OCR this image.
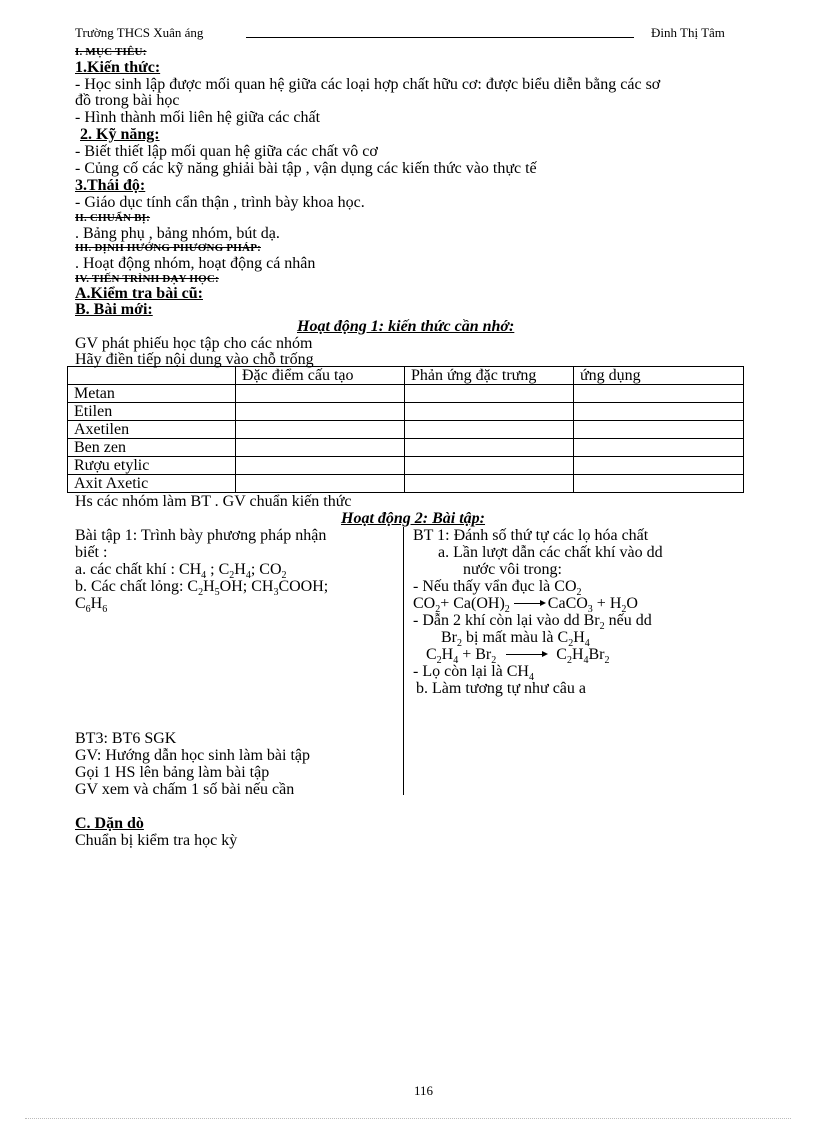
Trường THCS Xuân áng	Đinh Thị Tâm
I. MỤC TIÊU:
1.Kiến thức:
- Học sinh lập được mối quan hệ giữa các loại hợp chất hữu cơ: được biểu diễn bằng các sơ
đồ trong bài học
- Hình thành mối liên hệ giữa các chất
2. Kỹ năng:
- Biết thiết lập mối quan hệ giữa các chất vô cơ
- Củng cố các kỹ năng ghiải bài tập , vận dụng các kiến thức vào thực tế
3.Thái độ:
- Giáo dục tính cẩn thận , trình bày khoa học.
II. CHUẨN BỊ:
. Bảng phụ , bảng nhóm, bút dạ.
III. ĐỊNH HƯỚNG PHƯƠNG PHÁP:
. Hoạt động nhóm, hoạt động cá nhân
IV. TIẾN TRÌNH DẠY HỌC:
A.Kiểm tra bài cũ:
B. Bài mới:
Hoạt động 1: kiến thức cần nhớ:
GV phát phiếu học tập cho các nhóm
Hãy điền tiếp nội dung vào chỗ trống
	Đặc điểm cấu tạo	Phản ứng đặc trưng	ứng dụng
Metan			
Etilen			
Axetilen			
Ben zen			
Rượu etylic			
Axit Axetic			
Hs các nhóm làm BT . GV chuẩn kiến thức
Hoạt động 2: Bài tập:
Bài tập 1: Trình bày phương pháp nhận
biết :
a. các chất khí : $CH_4$ ; $C_2H_4$; $CO_2$
b. Các chất lỏng: $C_2H_5OH$; $CH_3COOH$;
$C_6H_6$
BT3: BT6 SGK
GV: Hướng dẫn học sinh làm bài tập
Gọi 1 HS lên bảng làm bài tập
GV xem và chấm 1 số bài nếu cần
BT 1: Đánh số thứ tự các lọ hóa chất
a. Lần lượt dẫn các chất khí vào dd
nước vôi trong:
- Nếu thấy vẩn đục là $CO_2$
$CO_2+ Ca(OH)_2$ → CaCO$_3$ + $H_2O$
- Dẫn 2 khí còn lại vào dd $Br_2$ nếu dd
$Br_2$ bị mất màu là $C_2H_4$
$C_2H_4 + Br_2 \to C_2H_4Br_2$
- Lọ còn lại là $CH_4$
b. Làm tương tự như câu a
C. Dặn dò
Chuẩn bị kiểm tra học kỳ
116
